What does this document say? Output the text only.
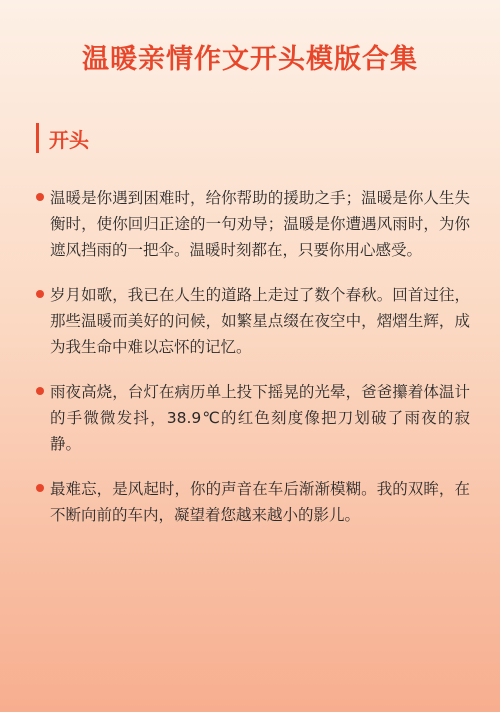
温暖亲情作文开头模版合集
开头
温暖是你遇到困难时，给你帮助的援助之手；温暖是你人生失衡时，使你回归正途的一句劝导；温暖是你遭遇风雨时，为你遮风挡雨的一把伞。温暖时刻都在，只要你用心感受。
岁月如歌，我已在人生的道路上走过了数个春秋。回首过往，那些温暖而美好的问候，如繁星点缀在夜空中，熠熠生辉，成为我生命中难以忘怀的记忆。
雨夜高烧，台灯在病历单上投下摇晃的光晕，爸爸攥着体温计的手微微发抖，38.9℃的红色刻度像把刀划破了雨夜的寂静。
最难忘，是风起时，你的声音在车后渐渐模糊。我的双眸，在不断向前的车内，凝望着您越来越小的影儿。
